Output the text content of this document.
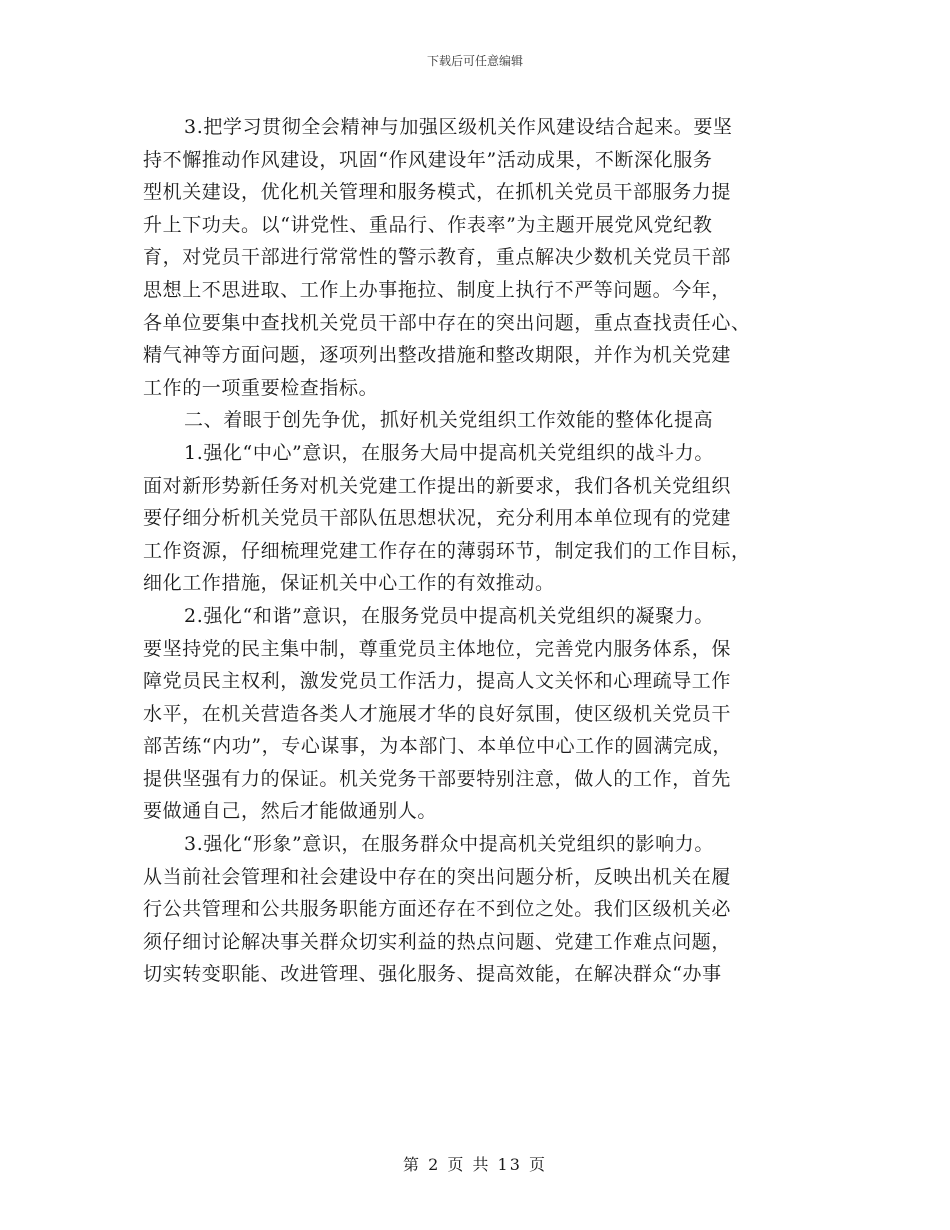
下载后可任意编辑
3.把学习贯彻全会精神与加强区级机关作风建设结合起来。要坚
持不懈推动作风建设，巩固“作风建设年”活动成果，不断深化服务
型机关建设，优化机关管理和服务模式，在抓机关党员干部服务力提
升上下功夫。以“讲党性、重品行、作表率”为主题开展党风党纪教
育，对党员干部进行常常性的警示教育，重点解决少数机关党员干部
思想上不思进取、工作上办事拖拉、制度上执行不严等问题。今年，
各单位要集中查找机关党员干部中存在的突出问题，重点查找责任心、
精气神等方面问题，逐项列出整改措施和整改期限，并作为机关党建
工作的一项重要检查指标。
二、着眼于创先争优，抓好机关党组织工作效能的整体化提高
1.强化“中心”意识，在服务大局中提高机关党组织的战斗力。
面对新形势新任务对机关党建工作提出的新要求，我们各机关党组织
要仔细分析机关党员干部队伍思想状况，充分利用本单位现有的党建
工作资源，仔细梳理党建工作存在的薄弱环节，制定我们的工作目标，
细化工作措施，保证机关中心工作的有效推动。
2.强化“和谐”意识，在服务党员中提高机关党组织的凝聚力。
要坚持党的民主集中制，尊重党员主体地位，完善党内服务体系，保
障党员民主权利，激发党员工作活力，提高人文关怀和心理疏导工作
水平，在机关营造各类人才施展才华的良好氛围，使区级机关党员干
部苦练“内功”，专心谋事，为本部门、本单位中心工作的圆满完成，
提供坚强有力的保证。机关党务干部要特别注意，做人的工作，首先
要做通自己，然后才能做通别人。
3.强化“形象”意识，在服务群众中提高机关党组织的影响力。
从当前社会管理和社会建设中存在的突出问题分析，反映出机关在履
行公共管理和公共服务职能方面还存在不到位之处。我们区级机关必
须仔细讨论解决事关群众切实利益的热点问题、党建工作难点问题，
切实转变职能、改进管理、强化服务、提高效能，在解决群众“办事
第 2 页 共 13 页
